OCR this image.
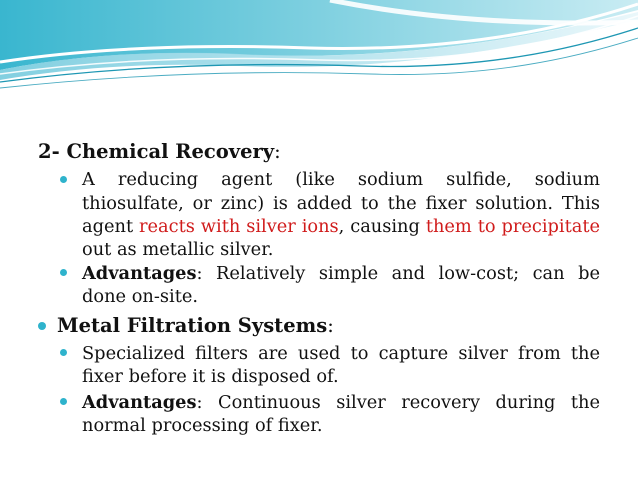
2- Chemical Recovery:
A reducing agent (like sodium sulfide, sodium
thiosulfate, or zinc) is added to the fixer solution. This
agent reacts with silver ions, causing them to precipitate
out as metallic silver.
Advantages: Relatively simple and low-cost; can be
done on-site.
Metal Filtration Systems:
Specialized filters are used to capture silver from the
fixer before it is disposed of.
Advantages: Continuous silver recovery during the
normal processing of fixer.
